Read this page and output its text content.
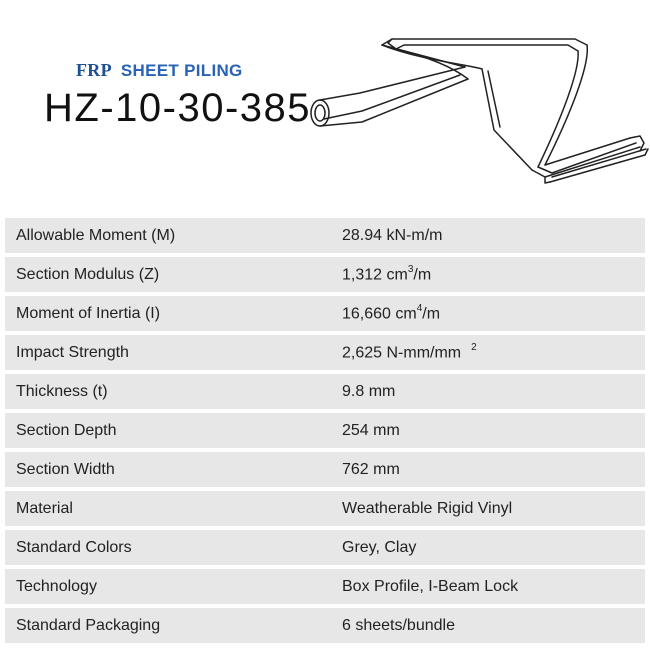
FRP SHEET PILING
HZ-10-30-385
Allowable Moment (M)	28.94 kN-m/m
Section Modulus (Z)	1,312 $cm^3/m$
Moment of Inertia (I)	16,660 $cm^4/m$
Impact Strength	2,625 N-mm/mm $^2$
Thickness (t)	9.8 mm
Section Depth	254 mm
Section Width	762 mm
Material	Weatherable Rigid Vinyl
Standard Colors	Grey, Clay
Technology	Box Profile, I-Beam Lock
Standard Packaging	6 sheets/bundle
